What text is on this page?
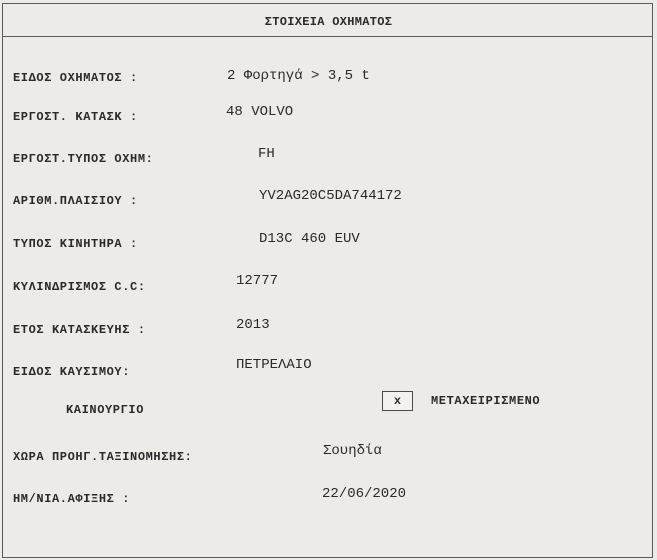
ΣΤΟΙΧΕΙΑ ΟΧΗΜΑΤΟΣ
ΕΙΔΟΣ ΟΧΗΜΑΤΟΣ :	2 Φορτηγά > 3,5 t
ΕΡΓΟΣΤ. ΚΑΤΑΣΚ :	48 VOLVO
ΕΡΓΟΣΤ.ΤΥΠΟΣ ΟΧΗΜ:	FH
ΑΡΙΘΜ.ΠΛΑΙΣΙΟΥ :	YV2AG20C5DA744172
ΤΥΠΟΣ ΚΙΝΗΤΗΡΑ :	D13C 460 EUV
ΚΥΛΙΝΔΡΙΣΜΟΣ C.C:	12777
ΕΤΟΣ ΚΑΤΑΣΚΕΥΗΣ :	2013
ΕΙΔΟΣ ΚΑΥΣΙΜΟΥ:	ΠΕΤΡΕΛΑΙΟ
ΚΑΙΝΟΥΡΓΙΟ
x	ΜΕΤΑΧΕΙΡΙΣΜΕΝΟ
ΧΩΡΑ ΠΡΟΗΓ.ΤΑΞΙΝΟΜΗΣΗΣ:	Σουηδία
ΗΜ/ΝΙΑ.ΑΦΙΞΗΣ :	22/06/2020
